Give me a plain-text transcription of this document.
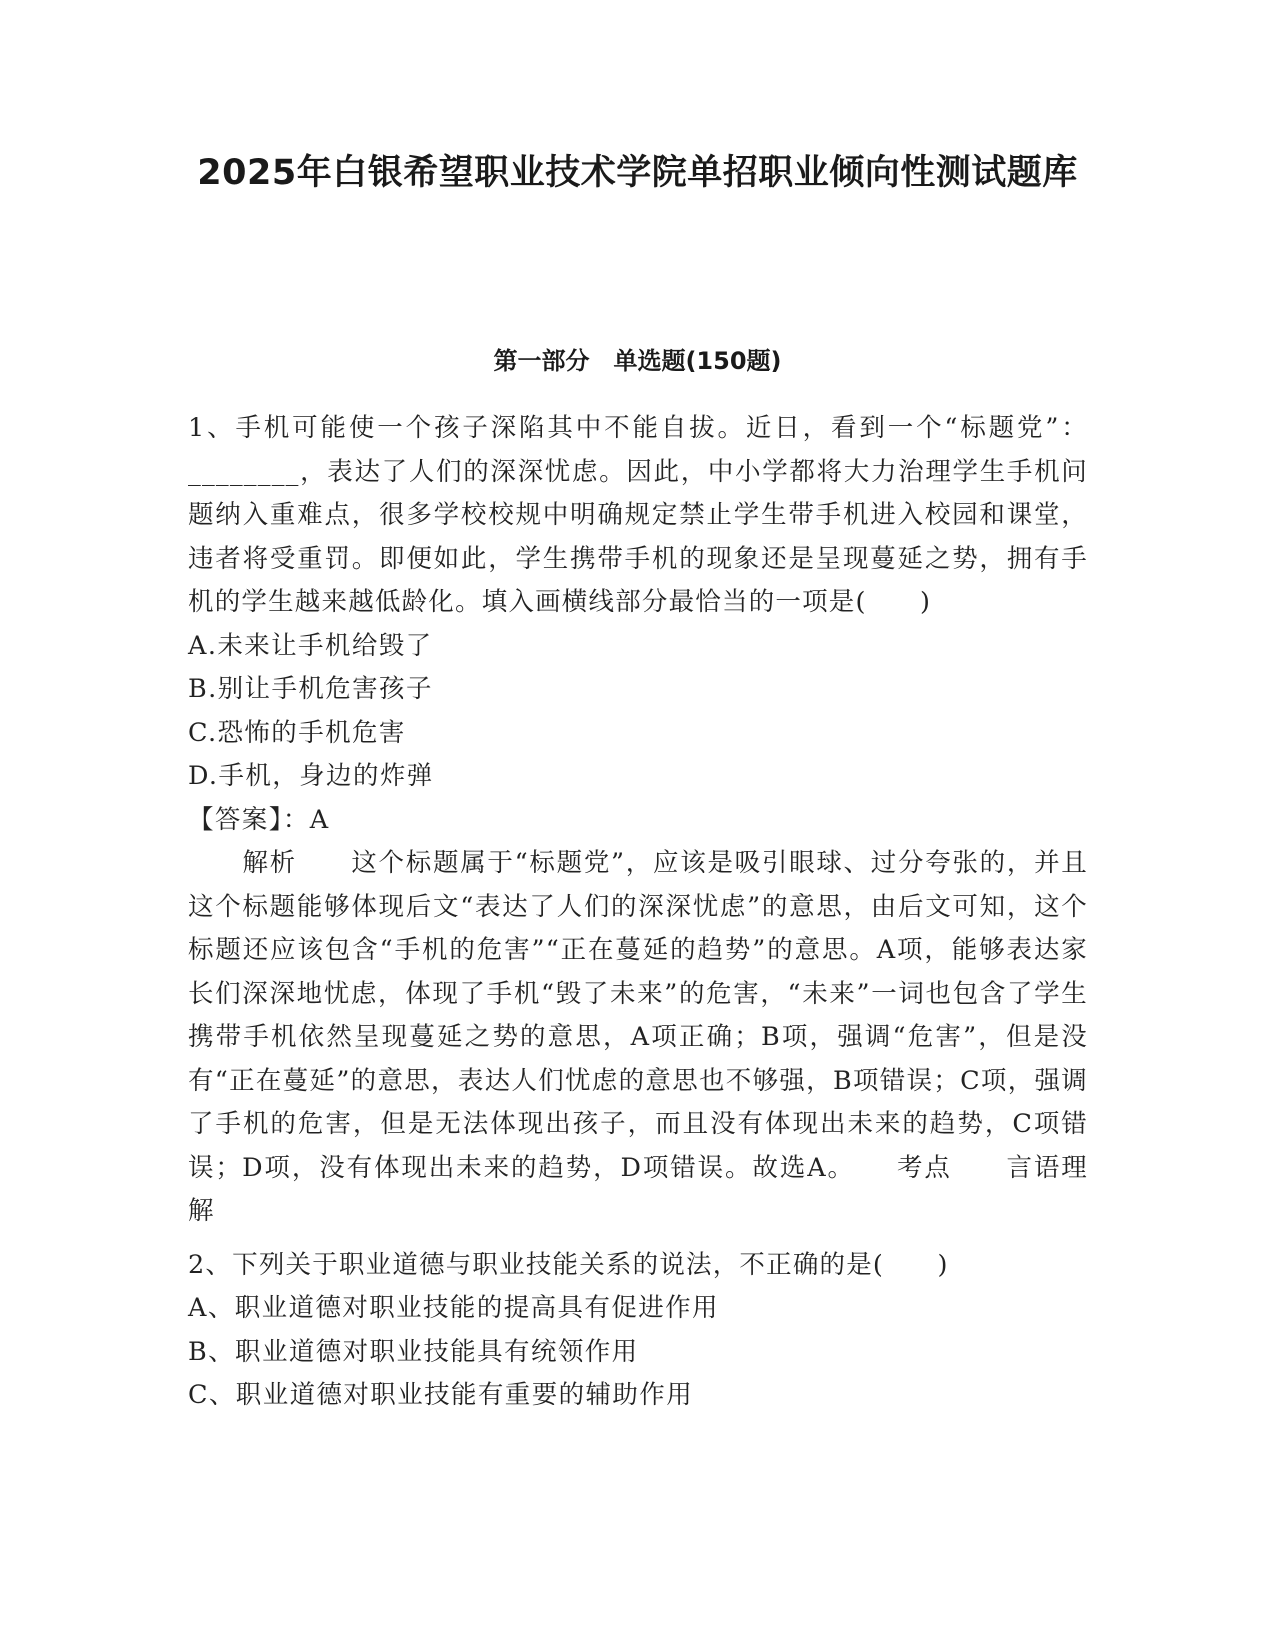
2025年白银希望职业技术学院单招职业倾向性测试题库
第一部分　单选题(150题)

1、手机可能使一个孩子深陷其中不能自拔。近日，看到一个“标题党”：________，表达了人们的深深忧虑。因此，中小学都将大力治理学生手机问题纳入重难点，很多学校校规中明确规定禁止学生带手机进入校园和课堂，违者将受重罚。即便如此，学生携带手机的现象还是呈现蔓延之势，拥有手机的学生越来越低龄化。填入画横线部分最恰当的一项是(　　)

A.未来让手机给毁了

B.别让手机危害孩子

C.恐怖的手机危害

D.手机，身边的炸弹

【答案】：A

　　解析　　这个标题属于“标题党”，应该是吸引眼球、过分夸张的，并且这个标题能够体现后文“表达了人们的深深忧虑”的意思，由后文可知，这个标题还应该包含“手机的危害”“正在蔓延的趋势”的意思。A项，能够表达家长们深深地忧虑，体现了手机“毁了未来”的危害，“未来”一词也包含了学生携带手机依然呈现蔓延之势的意思，A项正确；B项，强调“危害”，但是没有“正在蔓延”的意思，表达人们忧虑的意思也不够强，B项错误；C项，强调了手机的危害，但是无法体现出孩子，而且没有体现出未来的趋势，C项错误；D项，没有体现出未来的趋势，D项错误。故选A。　　考点　　言语理解

2、下列关于职业道德与职业技能关系的说法，不正确的是(　　)

A、职业道德对职业技能的提高具有促进作用

B、职业道德对职业技能具有统领作用

C、职业道德对职业技能有重要的辅助作用
